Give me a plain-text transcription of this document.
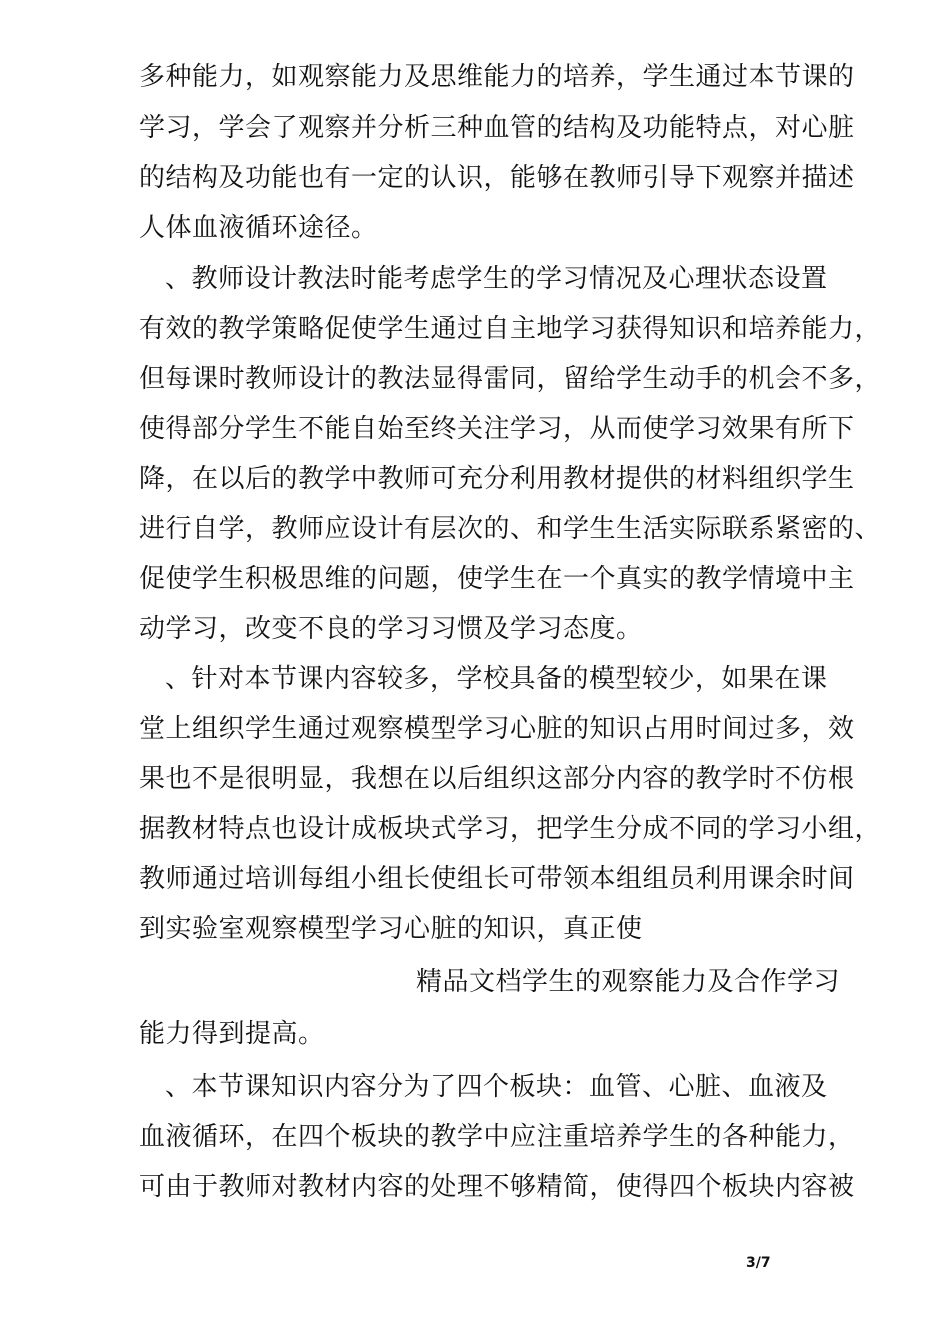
多种能力，如观察能力及思维能力的培养，学生通过本节课的
学习，学会了观察并分析三种血管的结构及功能特点，对心脏
的结构及功能也有一定的认识，能够在教师引导下观察并描述
人体血液循环途径。
、教师设计教法时能考虑学生的学习情况及心理状态设置
有效的教学策略促使学生通过自主地学习获得知识和培养能力，
但每课时教师设计的教法显得雷同，留给学生动手的机会不多，
使得部分学生不能自始至终关注学习，从而使学习效果有所下
降，在以后的教学中教师可充分利用教材提供的材料组织学生
进行自学，教师应设计有层次的、和学生生活实际联系紧密的、
促使学生积极思维的问题，使学生在一个真实的教学情境中主
动学习，改变不良的学习习惯及学习态度。
、针对本节课内容较多，学校具备的模型较少，如果在课
堂上组织学生通过观察模型学习心脏的知识占用时间过多，效
果也不是很明显，我想在以后组织这部分内容的教学时不仿根
据教材特点也设计成板块式学习，把学生分成不同的学习小组，
教师通过培训每组小组长使组长可带领本组组员利用课余时间
到实验室观察模型学习心脏的知识，真正使
精品文档学生的观察能力及合作学习
能力得到提高。
、本节课知识内容分为了四个板块：血管、心脏、血液及
血液循环，在四个板块的教学中应注重培养学生的各种能力，
可由于教师对教材内容的处理不够精简，使得四个板块内容被
3/7
